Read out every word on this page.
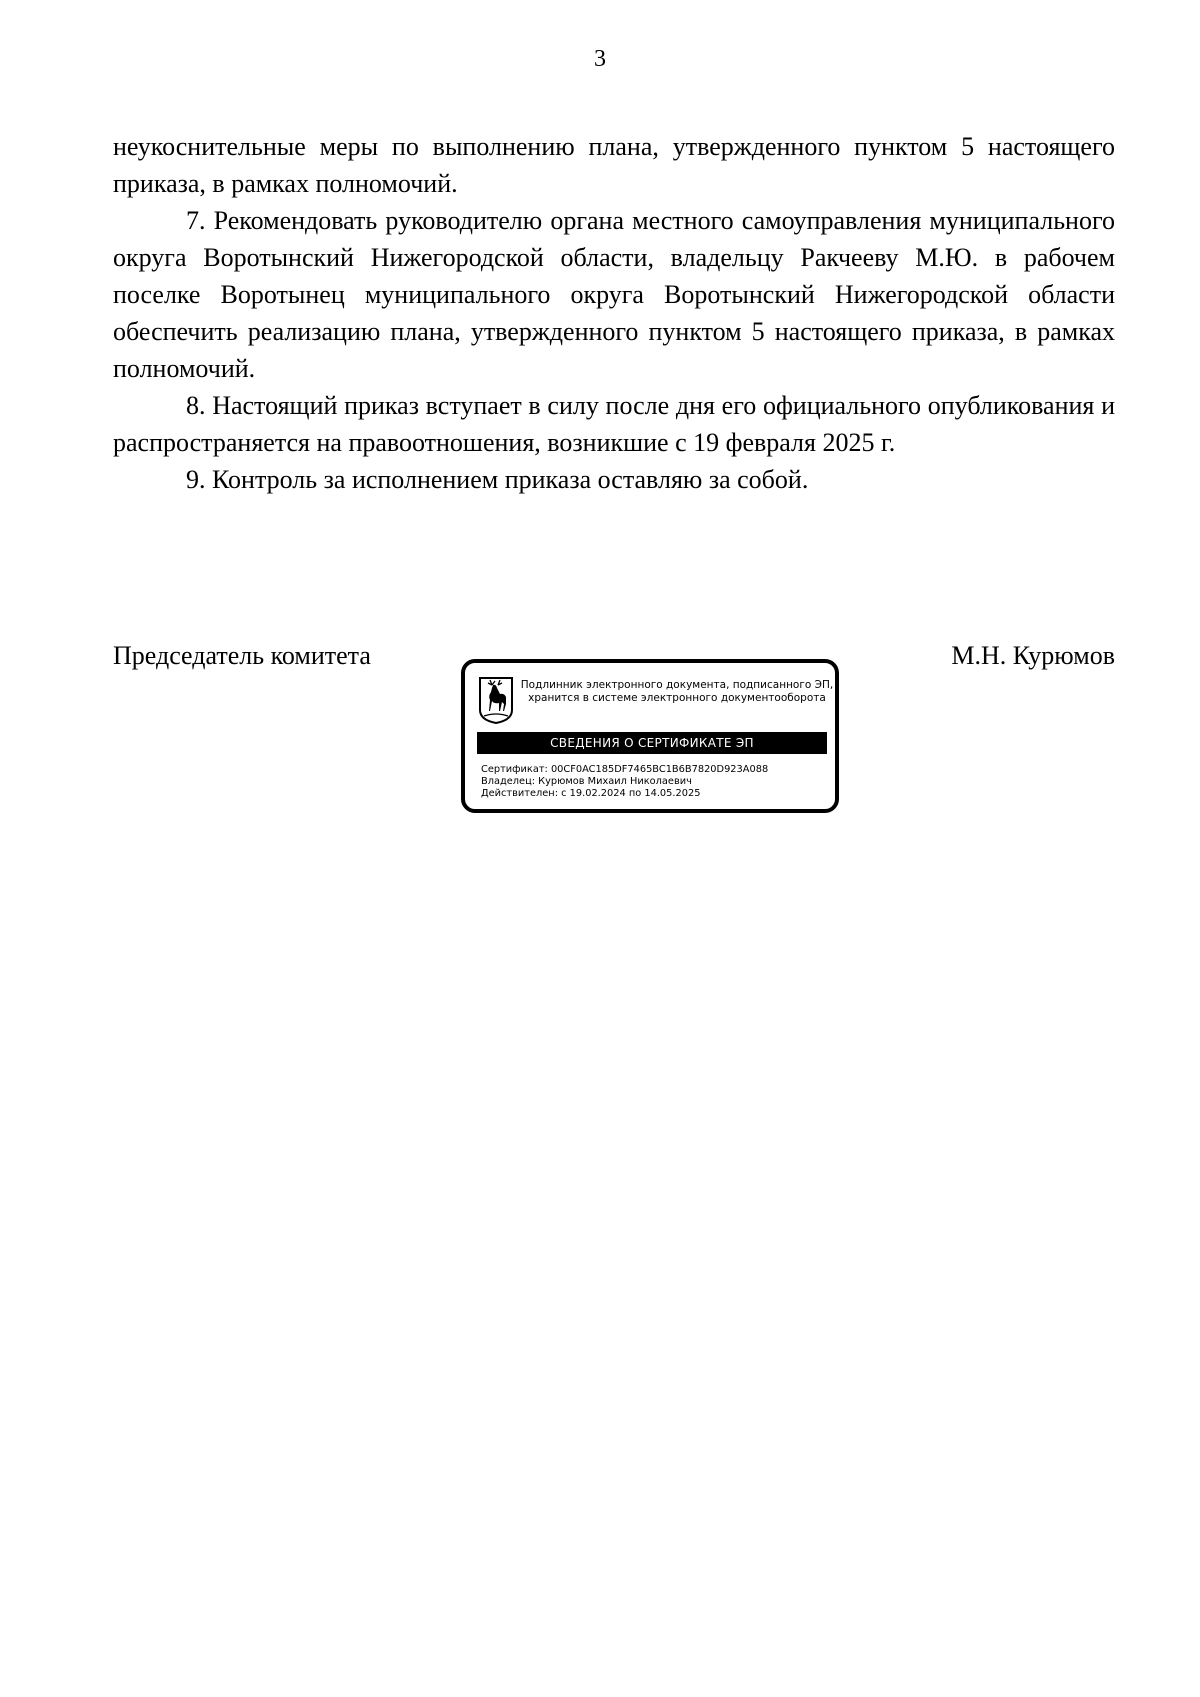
3

неукоснительные меры по выполнению плана, утвержденного пунктом 5 настоящего приказа, в рамках полномочий.

7. Рекомендовать руководителю органа местного самоуправления муниципального округа Воротынский Нижегородской области, владельцу Ракчееву М.Ю. в рабочем поселке Воротынец муниципального округа Воротынский Нижегородской области обеспечить реализацию плана, утвержденного пунктом 5 настоящего приказа, в рамках полномочий.

8. Настоящий приказ вступает в силу после дня его официального опубликования и распространяется на правоотношения, возникшие с 19 февраля 2025 г.

9. Контроль за исполнением приказа оставляю за собой.

Председатель комитета	М.Н. Курюмов
Подлинник электронного документа, подписанного ЭП,
хранится в системе электронного документооборота
СВЕДЕНИЯ О СЕРТИФИКАТЕ ЭП
Сертификат: 00CF0AC185DF7465BC1B6B7820D923A088
Владелец: Курюмов Михаил Николаевич
Действителен: с 19.02.2024 по 14.05.2025
